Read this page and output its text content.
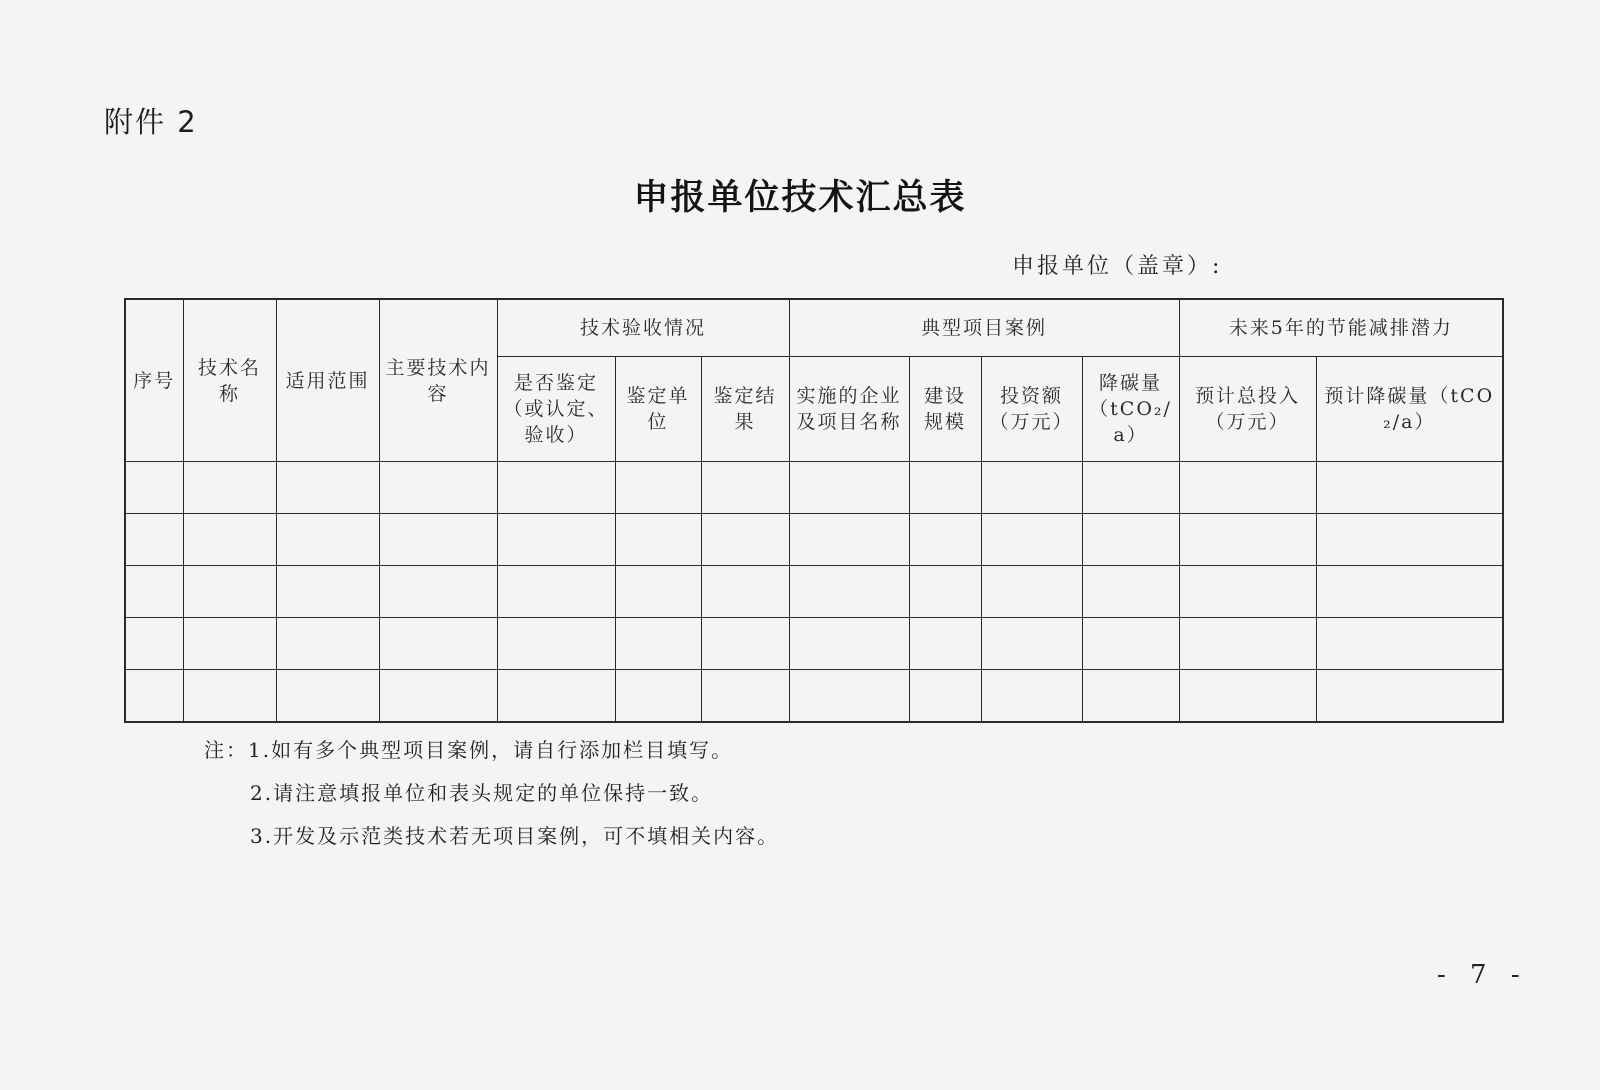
附件 2
申报单位技术汇总表
申报单位（盖章）:
序号	技术名称	适用范围	主要技术内容	技术验收情况			典型项目案例				未来5年的节能减排潜力	
				是否鉴定（或认定、验收）	鉴定单位	鉴定结果	实施的企业及项目名称	建设规模	投资额（万元）	降碳量（tCO₂/a）	预计总投入（万元）	预计降碳量（tCO₂/a）

注：1.如有多个典型项目案例，请自行添加栏目填写。
2.请注意填报单位和表头规定的单位保持一致。
3.开发及示范类技术若无项目案例，可不填相关内容。
- 7 -
